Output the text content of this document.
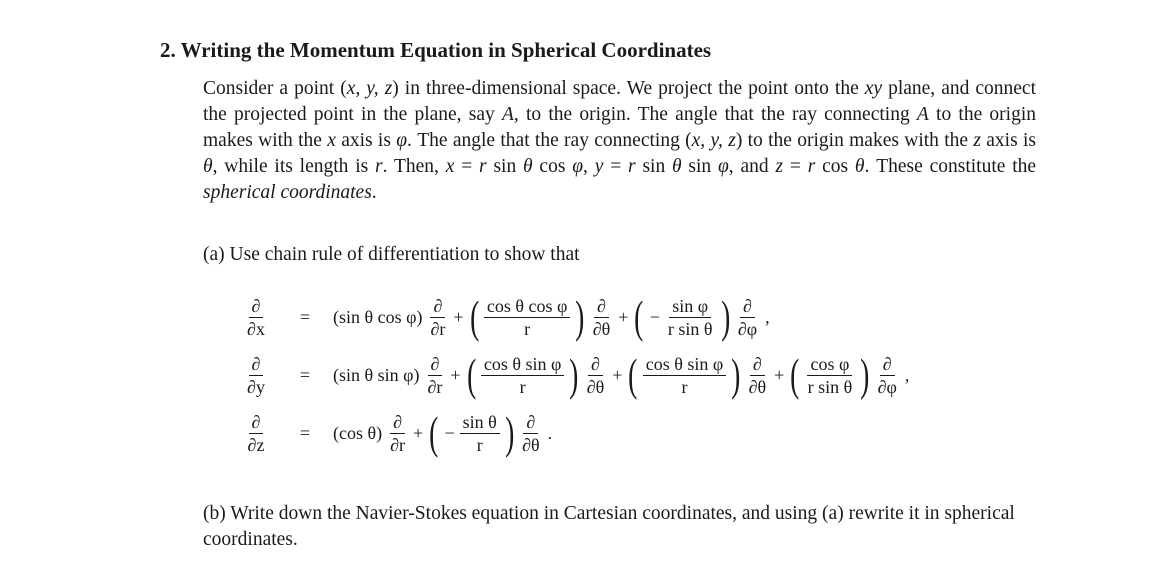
2. Writing the Momentum Equation in Spherical Coordinates
Consider a point (x, y, z) in three-dimensional space. We project the point onto the xy plane, and connect the projected point in the plane, say A, to the origin. The angle that the ray connecting A to the origin makes with the x axis is φ. The angle that the ray connecting (x, y, z) to the origin makes with the z axis is θ, while its length is r. Then, x = r sin θ cos φ, y = r sin θ sin φ, and z = r cos θ. These constitute the spherical coordinates.
(a) Use chain rule of differentiation to show that
$\frac{\partial}{\partial x}$	=	(sin θ $\cos \varphi) \frac{\partial}{\partial r}$ + ( $\frac{\text{cos θ cos φ}}{r}$ ) $\frac{\partial}{\partial\theta}$ + ( − $\frac{\text{sin φ}}{\text{r sin θ}}$ ) $\frac{\partial}{\partial\varphi}$ ,
$\frac{\partial}{\partial y}$	=	(sin θ $\sin \varphi) \frac{\partial}{\partial r}$ + ( $\frac{\text{cos θ sin φ}}{r}$ ) $\frac{\partial}{\partial\theta}$ + ( $\frac{\text{cos θ sin φ}}{r}$ ) $\frac{\partial}{\partial\theta}$ + ( $\frac{\text{cos φ}}{\text{r sin θ}}$ ) $\frac{\partial}{\partial\varphi}$ ,
$\frac{\partial}{\partial z}$	=	(cos $\theta) \frac{\partial}{\partial r}$ + ( − $\frac{\text{sin θ}}{r}$ ) $\frac{\partial}{\partial\theta}$ .
(b) Write down the Navier-Stokes equation in Cartesian coordinates, and using (a) rewrite it in spherical coordinates.
